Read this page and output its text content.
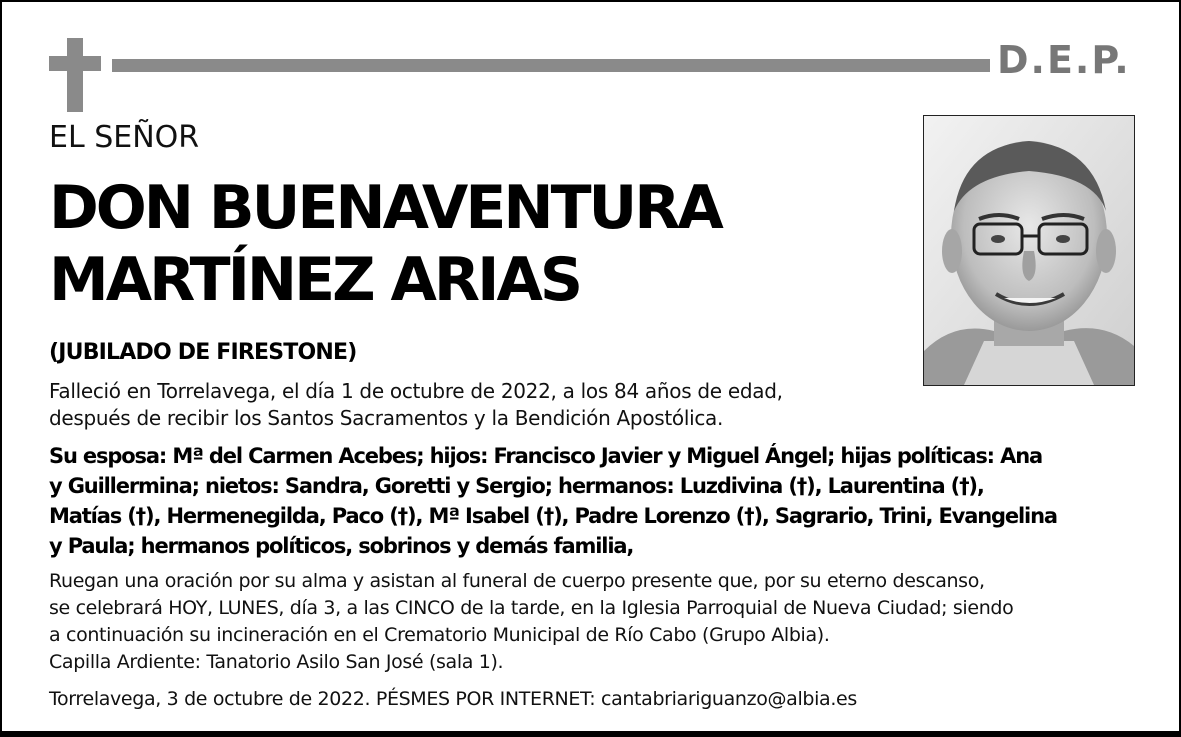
D.E.P.
EL SEÑOR
DON BUENAVENTURA
MARTÍNEZ ARIAS
(JUBILADO DE FIRESTONE)
Falleció en Torrelavega, el día 1 de octubre de 2022, a los 84 años de edad,
después de recibir los Santos Sacramentos y la Bendición Apostólica.
Su esposa: Mª del Carmen Acebes; hijos: Francisco Javier y Miguel Ángel; hijas políticas: Ana
y Guillermina; nietos: Sandra, Goretti y Sergio; hermanos: Luzdivina (†), Laurentina (†),
Matías (†), Hermenegilda, Paco (†), Mª Isabel (†), Padre Lorenzo (†), Sagrario, Trini, Evangelina
y Paula; hermanos políticos, sobrinos y demás familia,
Ruegan una oración por su alma y asistan al funeral de cuerpo presente que, por su eterno descanso,
se celebrará HOY, LUNES, día 3, a las CINCO de la tarde, en la Iglesia Parroquial de Nueva Ciudad; siendo
a continuación su incineración en el Crematorio Municipal de Río Cabo (Grupo Albia).
Capilla Ardiente: Tanatorio Asilo San José (sala 1).
Torrelavega, 3 de octubre de 2022. PÉSMES POR INTERNET: cantabriariguanzo@albia.es
